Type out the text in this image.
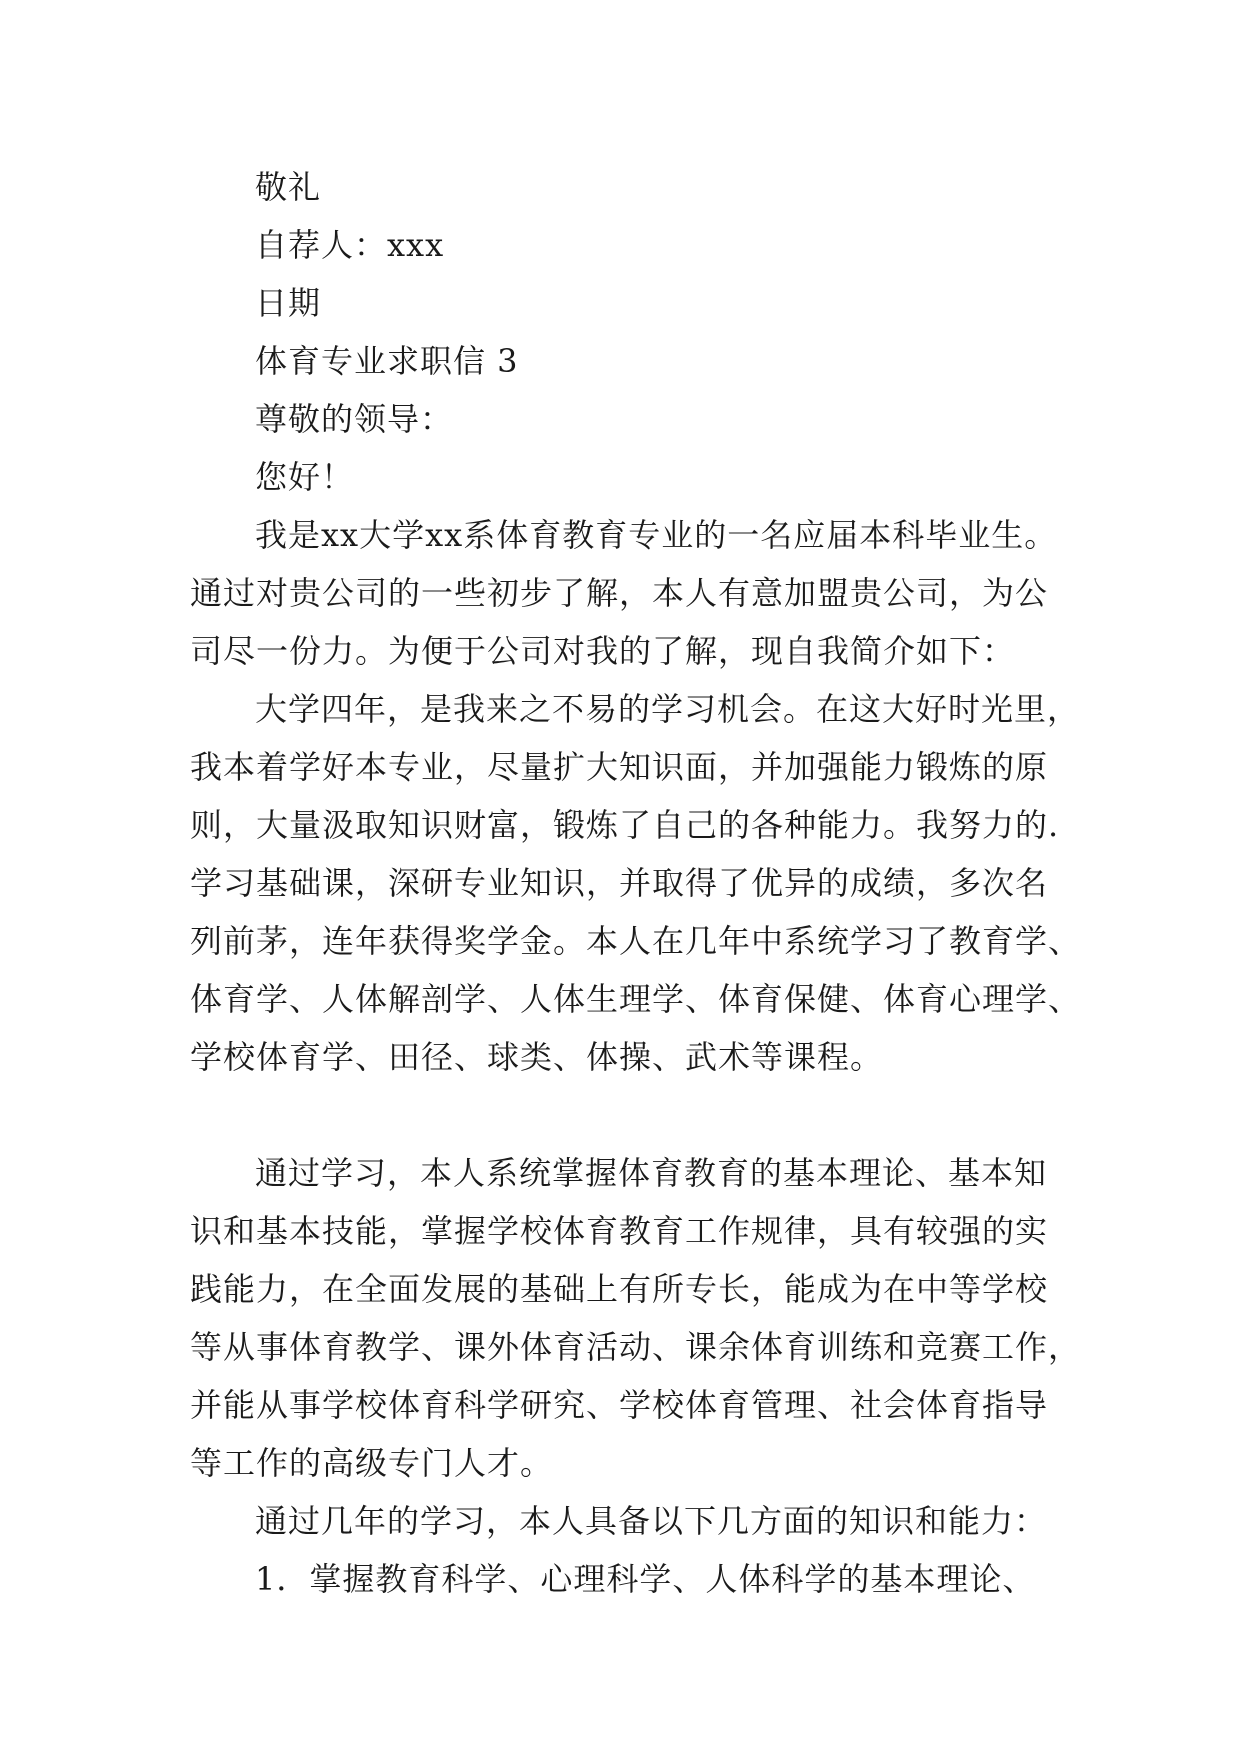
敬礼

自荐人：xxx

日期

体育专业求职信 3

尊敬的领导：

您好！

我是xx大学xx系体育教育专业的一名应届本科毕业生。

通过对贵公司的一些初步了解，本人有意加盟贵公司，为公

司尽一份力。为便于公司对我的了解，现自我简介如下：

大学四年，是我来之不易的学习机会。在这大好时光里，

我本着学好本专业，尽量扩大知识面，并加强能力锻炼的原

则，大量汲取知识财富，锻炼了自己的各种能力。我努力的.

学习基础课，深研专业知识，并取得了优异的成绩，多次名

列前茅，连年获得奖学金。本人在几年中系统学习了教育学、

体育学、人体解剖学、人体生理学、体育保健、体育心理学、

学校体育学、田径、球类、体操、武术等课程。

通过学习，本人系统掌握体育教育的基本理论、基本知

识和基本技能，掌握学校体育教育工作规律，具有较强的实

践能力，在全面发展的基础上有所专长，能成为在中等学校

等从事体育教学、课外体育活动、课余体育训练和竞赛工作，

并能从事学校体育科学研究、学校体育管理、社会体育指导

等工作的高级专门人才。

通过几年的学习，本人具备以下几方面的知识和能力：

1．掌握教育科学、心理科学、人体科学的基本理论、
